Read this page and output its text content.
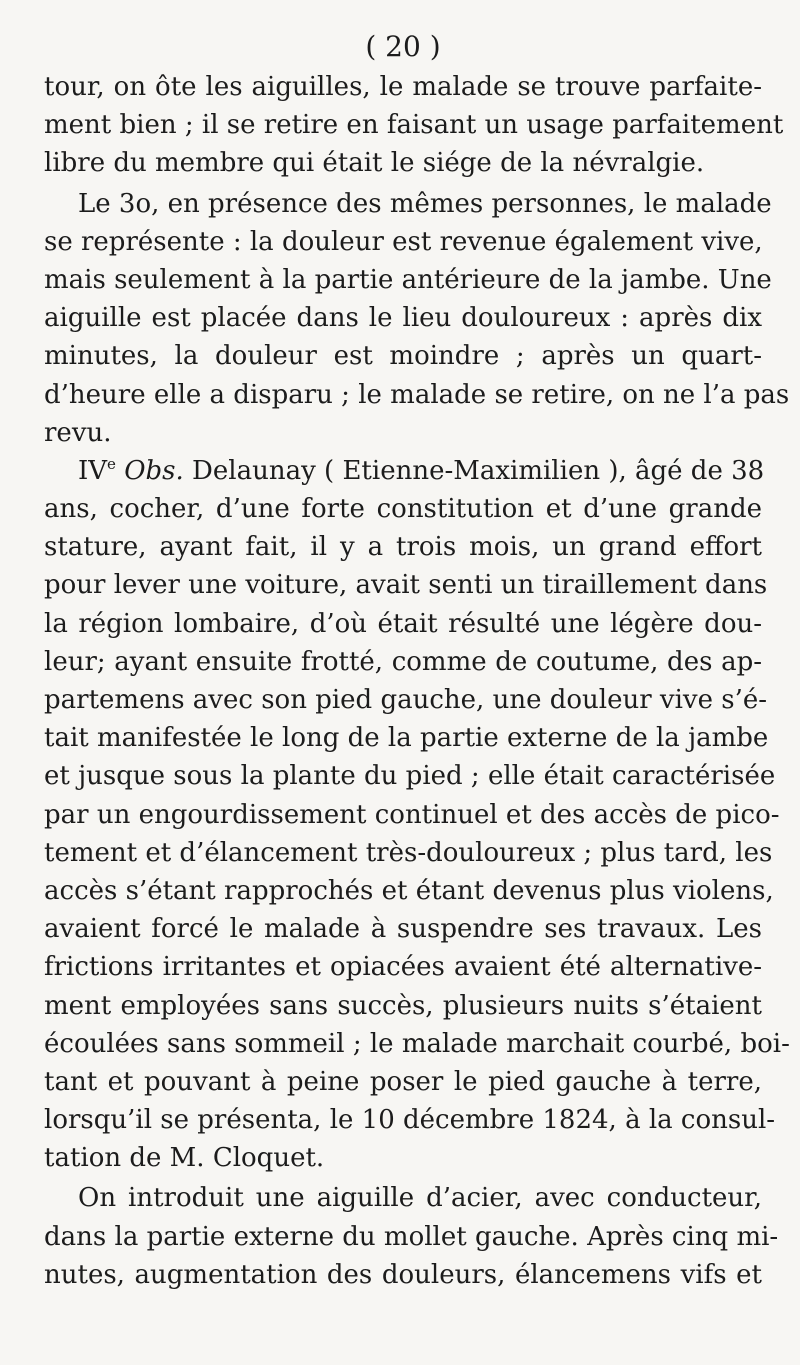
( 20 )
tour, on ôte les aiguilles, le malade se trouve parfaite-
ment bien ; il se retire en faisant un usage parfaitement
libre du membre qui était le siége de la névralgie.
Le 3o, en présence des mêmes personnes, le malade
se représente : la douleur est revenue également vive,
mais seulement à la partie antérieure de la jambe. Une
aiguille est placée dans le lieu douloureux : après dix
minutes, la douleur est moindre ; après un quart-
d’heure elle a disparu ; le malade se retire, on ne l’a pas
revu.
IVe Obs. Delaunay ( Etienne-Maximilien ), âgé de 38
ans, cocher, d’une forte constitution et d’une grande
stature, ayant fait, il y a trois mois, un grand effort
pour lever une voiture, avait senti un tiraillement dans
la région lombaire, d’où était résulté une légère dou-
leur; ayant ensuite frotté, comme de coutume, des ap-
partemens avec son pied gauche, une douleur vive s’é-
tait manifestée le long de la partie externe de la jambe
et jusque sous la plante du pied ; elle était caractérisée
par un engourdissement continuel et des accès de pico-
tement et d’élancement très-douloureux ; plus tard, les
accès s’étant rapprochés et étant devenus plus violens,
avaient forcé le malade à suspendre ses travaux. Les
frictions irritantes et opiacées avaient été alternative-
ment employées sans succès, plusieurs nuits s’étaient
écoulées sans sommeil ; le malade marchait courbé, boi-
tant et pouvant à peine poser le pied gauche à terre,
lorsqu’il se présenta, le 10 décembre 1824, à la consul-
tation de M. Cloquet.
On introduit une aiguille d’acier, avec conducteur,
dans la partie externe du mollet gauche. Après cinq mi-
nutes, augmentation des douleurs, élancemens vifs et
